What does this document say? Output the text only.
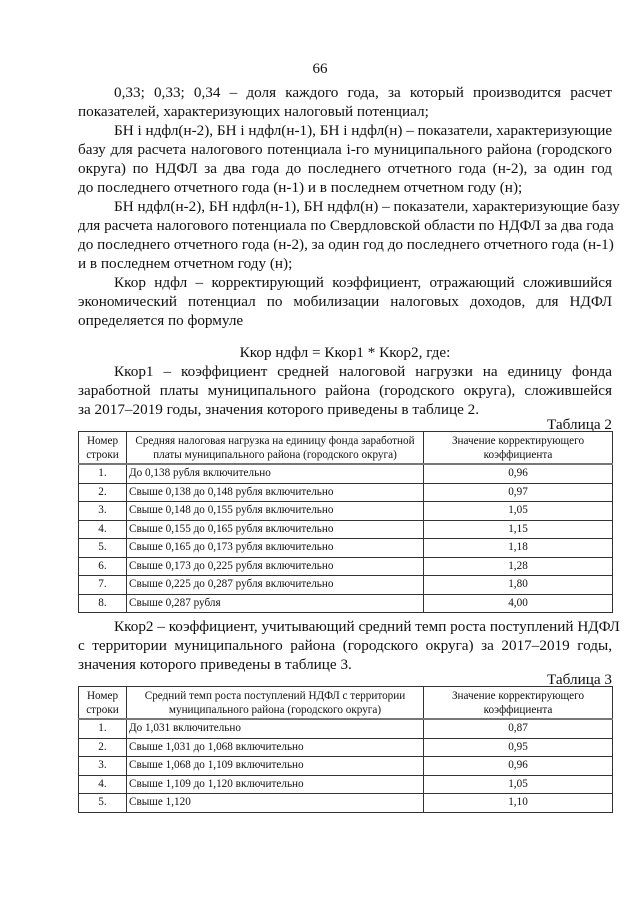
66
0,33; 0,33; 0,34 – доля каждого года, за который производится расчет
показателей, характеризующих налоговый потенциал;
БН i ндфл(н-2), БН i ндфл(н-1), БН i ндфл(н) – показатели, характеризующие
базу для расчета налогового потенциала i-го муниципального района (городского
округа) по НДФЛ за два года до последнего отчетного года (н-2), за один год
до последнего отчетного года (н-1) и в последнем отчетном году (н);
БН ндфл(н-2), БН ндфл(н-1), БН ндфл(н) – показатели, характеризующие базу
для расчета налогового потенциала по Свердловской области по НДФЛ за два года
до последнего отчетного года (н-2), за один год до последнего отчетного года (н-1)
и в последнем отчетном году (н);
Ккор ндфл – корректирующий коэффициент, отражающий сложившийся
экономический потенциал по мобилизации налоговых доходов, для НДФЛ
определяется по формуле
Ккор ндфл = Ккор1 * Ккор2, где:
Ккор1 – коэффициент средней налоговой нагрузки на единицу фонда
заработной платы муниципального района (городского округа), сложившейся
за 2017–2019 годы, значения которого приведены в таблице 2.
Таблица 2
Номер строки	Средняя налоговая нагрузка на единицу фонда заработной платы муниципального района (городского округа)	Значение корректирующего коэффициента
1.	До 0,138 рубля включительно	0,96
2.	Свыше 0,138 до 0,148 рубля включительно	0,97
3.	Свыше 0,148 до 0,155 рубля включительно	1,05
4.	Свыше 0,155 до 0,165 рубля включительно	1,15
5.	Свыше 0,165 до 0,173 рубля включительно	1,18
6.	Свыше 0,173 до 0,225 рубля включительно	1,28
7.	Свыше 0,225 до 0,287 рубля включительно	1,80
8.	Свыше 0,287 рубля	4,00
Ккор2 – коэффициент, учитывающий средний темп роста поступлений НДФЛ
с территории муниципального района (городского округа) за 2017–2019 годы,
значения которого приведены в таблице 3.
Таблица 3
Номер строки	Средний темп роста поступлений НДФЛ с территории муниципального района (городского округа)	Значение корректирующего коэффициента
1.	До 1,031 включительно	0,87
2.	Свыше 1,031 до 1,068 включительно	0,95
3.	Свыше 1,068 до 1,109 включительно	0,96
4.	Свыше 1,109 до 1,120 включительно	1,05
5.	Свыше 1,120	1,10
